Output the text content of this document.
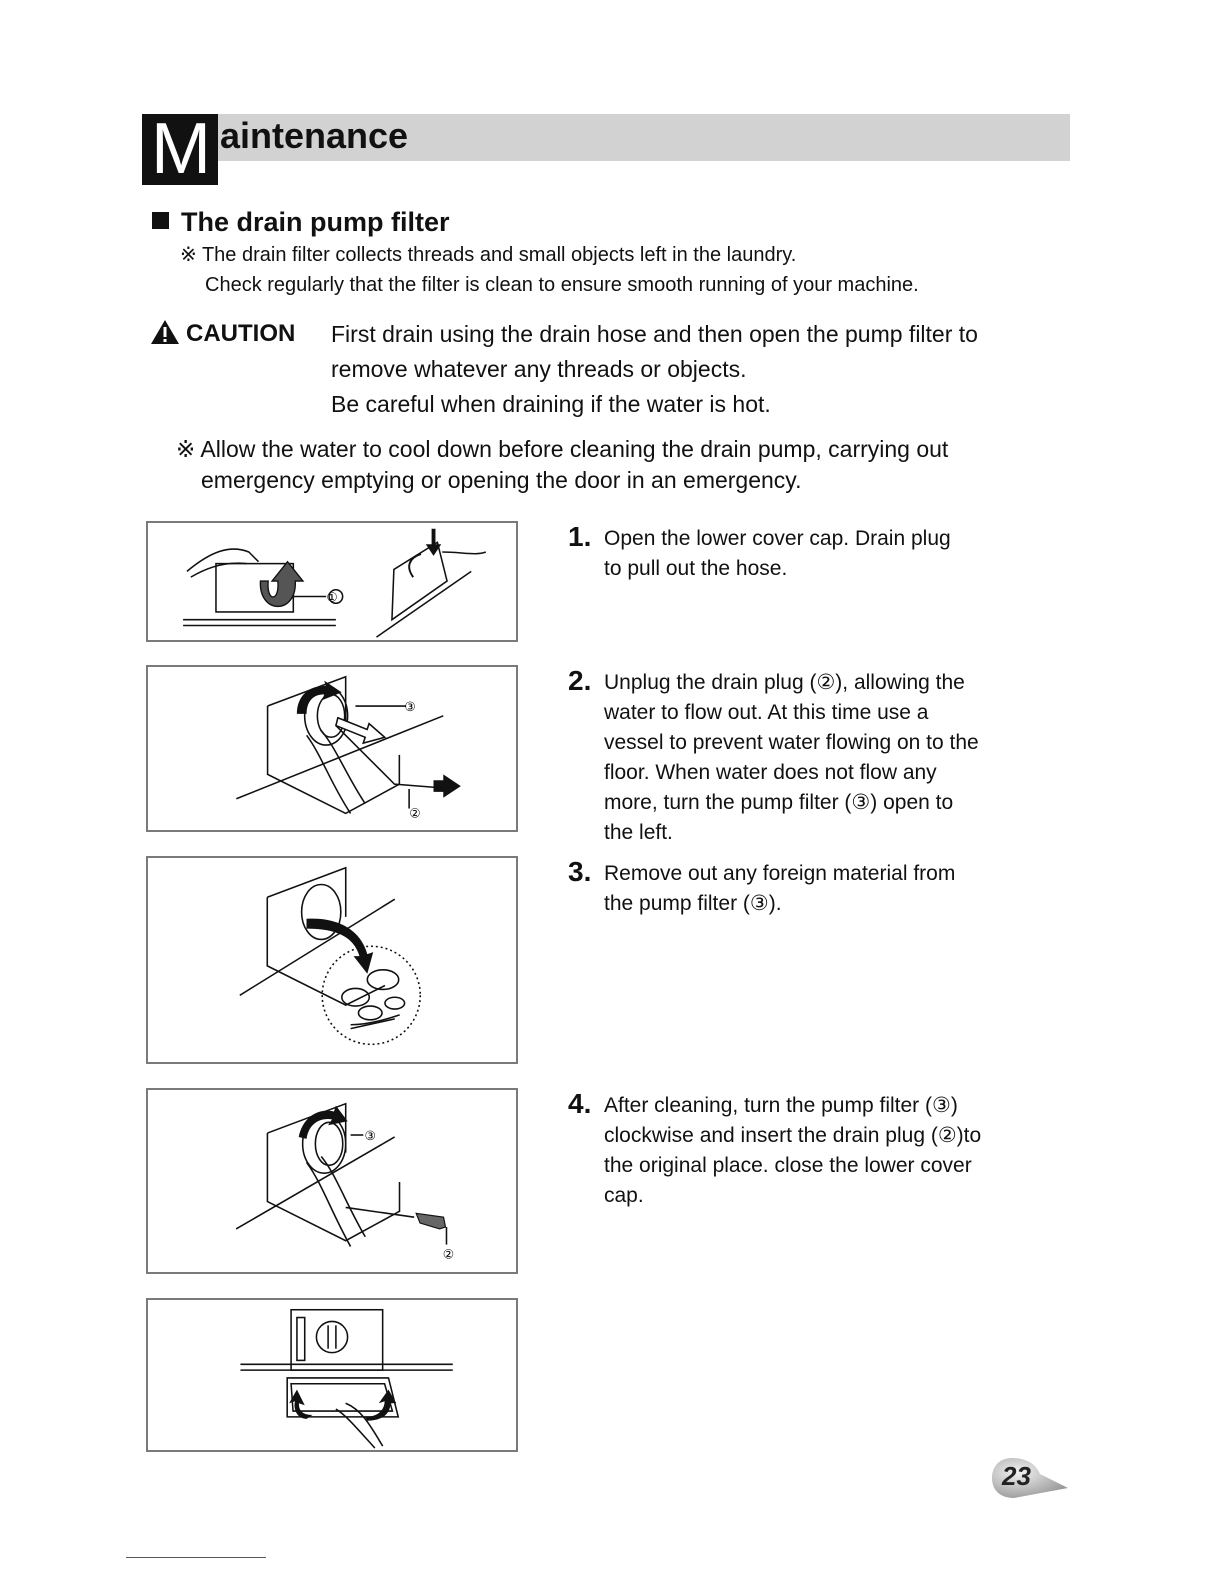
M aintenance
The drain pump filter
※ The drain filter collects threads and small objects left in the laundry.
Check regularly that the filter is clean to ensure smooth running of your machine.
CAUTION First drain using the drain hose and then open the pump filter to
remove whatever any threads or objects.
Be careful when draining if the water is hot.
※ Allow the water to cool down before cleaning the drain pump, carrying out
emergency emptying or opening the door in an emergency.
①
③
②
③
②
1. Open the lower cover cap. Drain plug
to pull out the hose.
2. Unplug the drain plug (②), allowing the
water to flow out. At this time use a
vessel to prevent water flowing on to the
floor. When water does not flow any
more, turn the pump filter (③) open to
the left.
3. Remove out any foreign material from
the pump filter (③).
4. After cleaning, turn the pump filter (③)
clockwise and insert the drain plug (②)to
the original place. close the lower cover
cap.
23
